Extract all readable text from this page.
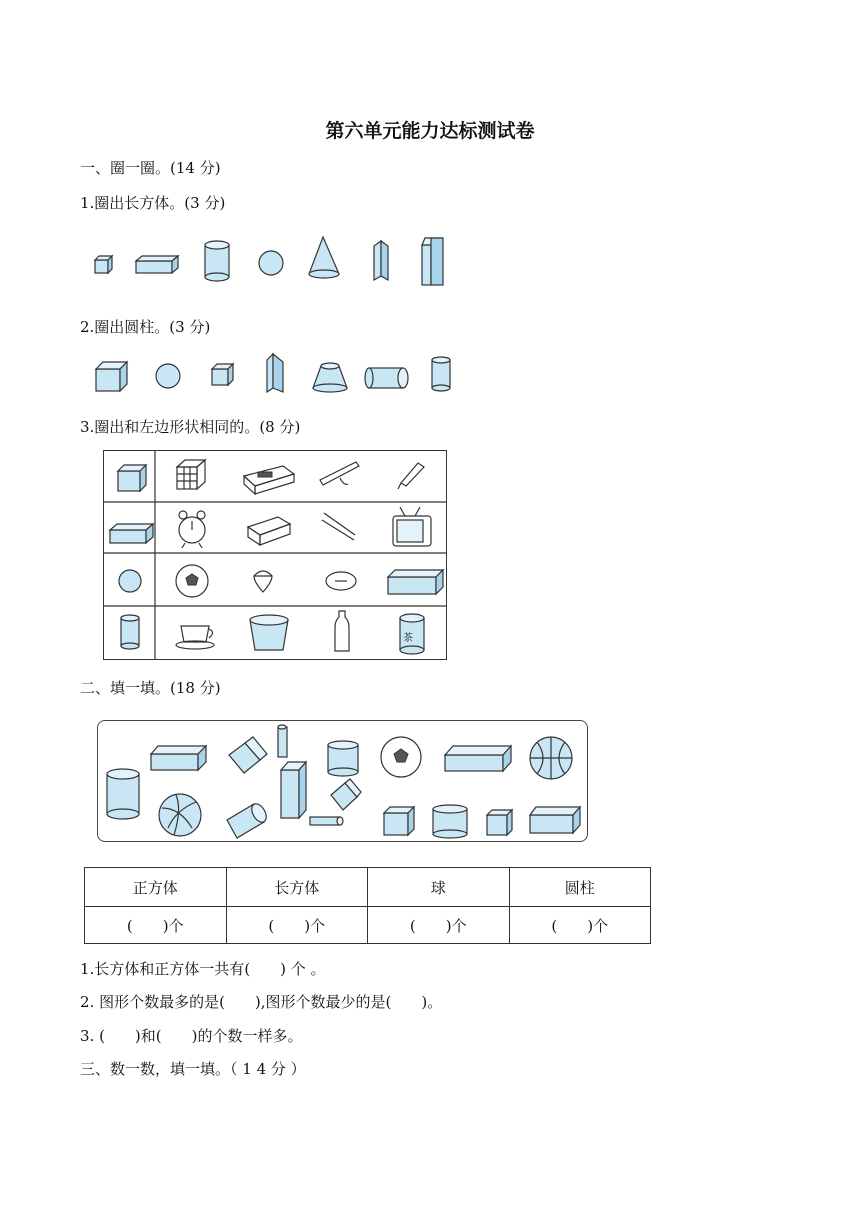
第六单元能力达标测试卷
一、圈一圈。(14 分)
1.圈出长方体。(3 分)
2.圈出圆柱。(3 分)
3.圈出和左边形状相同的。(8 分)
茶
二、填一填。(18 分)
正方体	长方体	球	圆柱
(　　)个	(　　)个	(　　)个	(　　)个
1.长方体和正方体一共有(　　) 个 。
2. 图形个数最多的是(　　),图形个数最少的是(　　)。
3. (　　)和(　　)的个数一样多。
三、数一数，填一填。（ 1 4 分 ）
